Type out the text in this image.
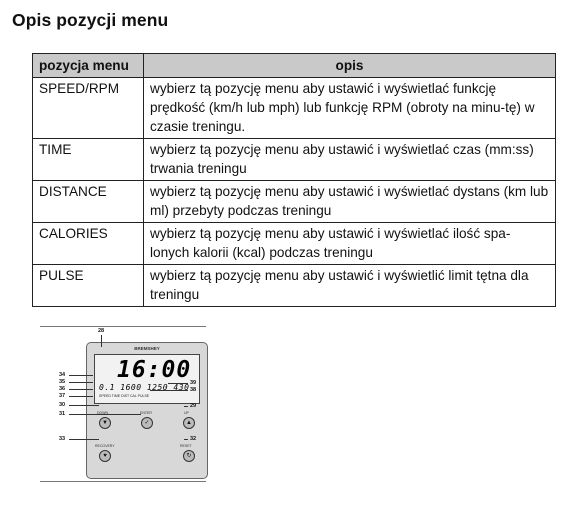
Opis pozycji menu
pozycja menu	opis
SPEED/RPM	wybierz tą pozycję menu aby ustawić i wyświetlać funkcję prędkość (km/h lub mph) lub funkcję RPM (obroty na minu-tę) w czasie treningu.
TIME	wybierz tą pozycję menu aby ustawić i wyświetlać czas (mm:ss) trwania treningu
DISTANCE	wybierz tą pozycję menu aby ustawić i wyświetlać dystans (km lub ml) przebyty podczas treningu
CALORIES	wybierz tą pozycję menu aby ustawić i wyświetlać ilość spa-lonych kalorii (kcal) podczas treningu
PULSE	wybierz tą pozycję menu aby ustawić i wyświetlić limit tętna dla treningu
BREMSHEY
16:00
0.1 1600 1250 430
SPEED TIME DIST CAL PULSE
DOWN
▼
ENTER
✓
UP
▲
RECOVERY
♥
RESET
↻
28
34
35
36
37
30
31
33
39
38
29
32
